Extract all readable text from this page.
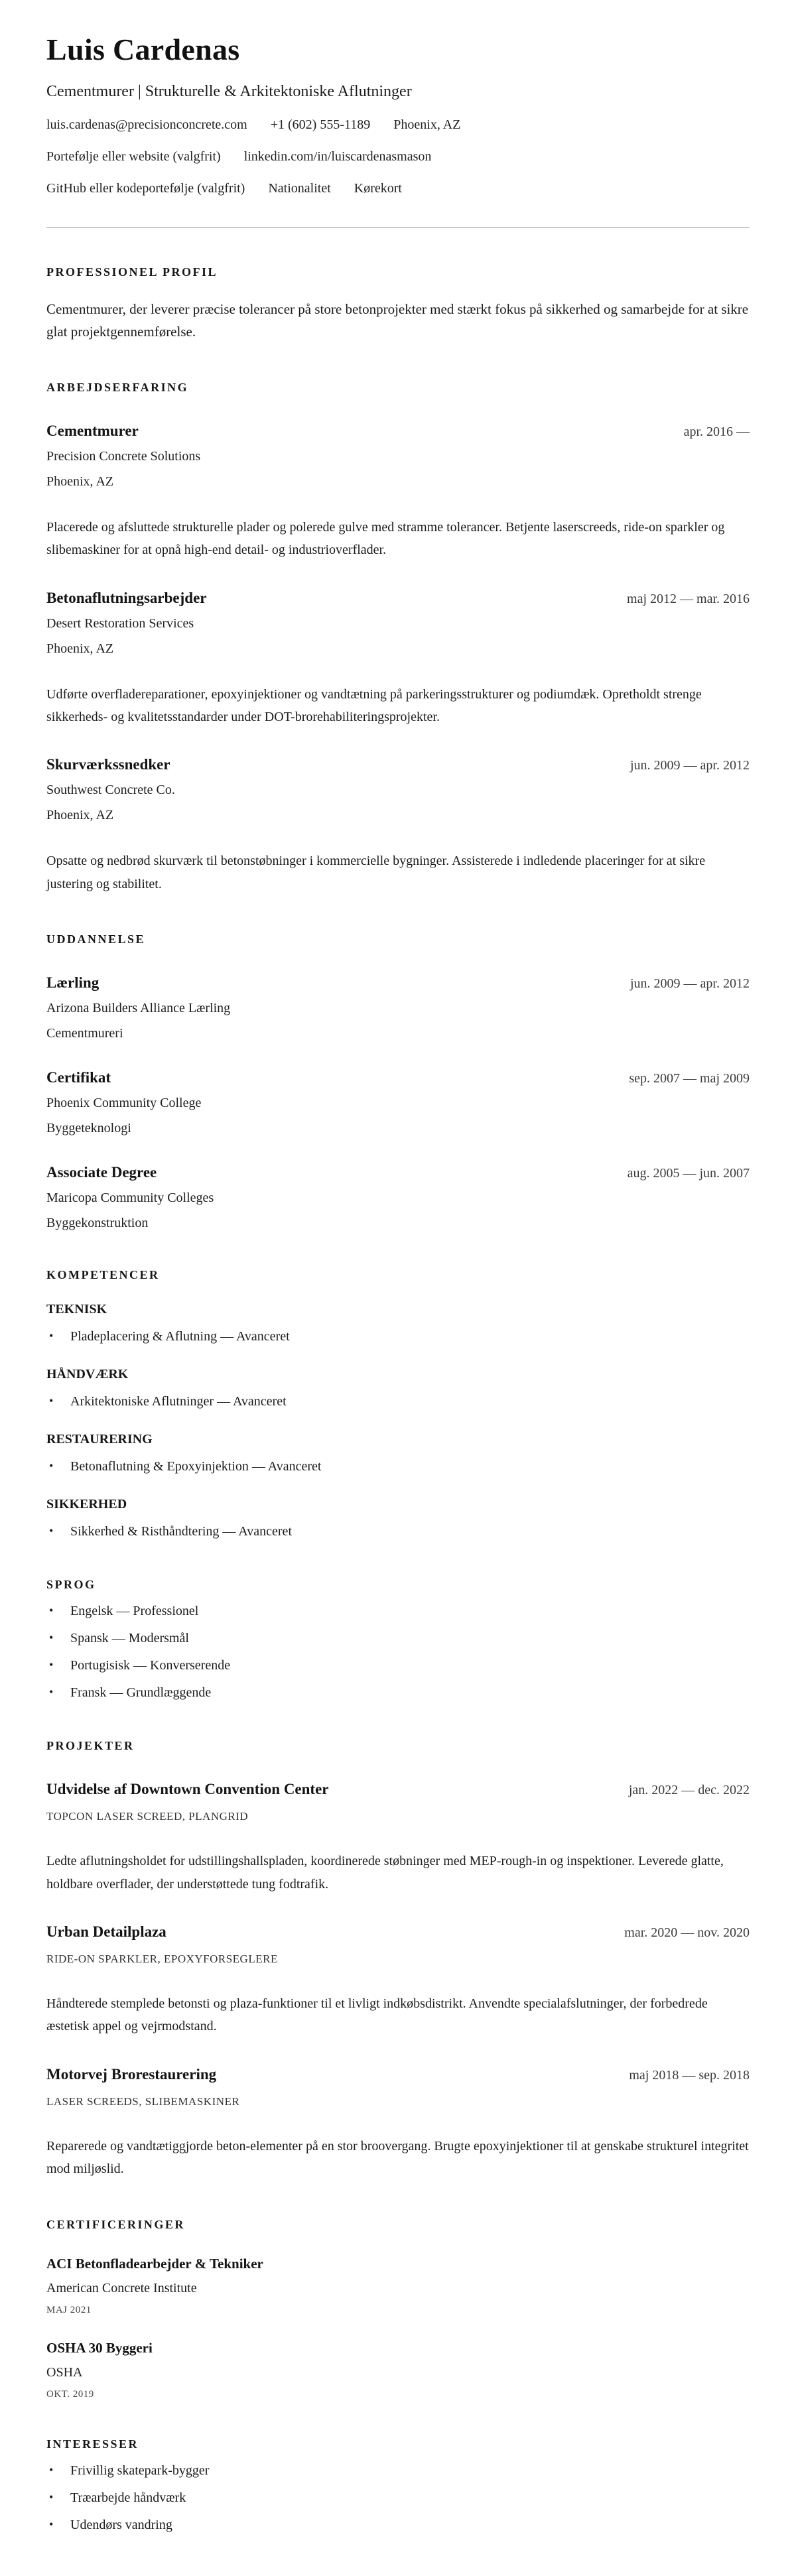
Luis Cardenas
Cementmurer | Strukturelle & Arkitektoniske Aflutninger
luis.cardenas@precisionconcrete.com +1 (602) 555-1189 Phoenix, AZ
Portefølje eller website (valgfrit) linkedin.com/in/luiscardenasmason
GitHub eller kodeportefølje (valgfrit) Nationalitet Kørekort
PROFESSIONEL PROFIL

Cementmurer, der leverer præcise tolerancer på store betonprojekter med stærkt fokus på sikkerhed og samarbejde for at sikre glat projektgennemførelse.

ARBEJDSERFARING
Cementmurer	apr. 2016 —
Precision Concrete Solutions
Phoenix, AZ

Placerede og afsluttede strukturelle plader og polerede gulve med stramme tolerancer. Betjente laserscreeds, ride-on sparkler og slibemaskiner for at opnå high-end detail- og industrioverflader.

Betonaflutningsarbejder	maj 2012 — mar. 2016
Desert Restoration Services
Phoenix, AZ

Udførte overfladereparationer, epoxyinjektioner og vandtætning på parkeringsstrukturer og podiumdæk. Opretholdt strenge sikkerheds- og kvalitetsstandarder under DOT-brorehabiliteringsprojekter.

Skurværkssnedker	jun. 2009 — apr. 2012
Southwest Concrete Co.
Phoenix, AZ

Opsatte og nedbrød skurværk til betonstøbninger i kommercielle bygninger. Assisterede i indledende placeringer for at sikre justering og stabilitet.

UDDANNELSE
Lærling	jun. 2009 — apr. 2012
Arizona Builders Alliance Lærling
Cementmureri
Certifikat	sep. 2007 — maj 2009
Phoenix Community College
Byggeteknologi
Associate Degree	aug. 2005 — jun. 2007
Maricopa Community Colleges
Byggekonstruktion
KOMPETENCER
TEKNISK
• Pladeplacering & Aflutning — Avanceret
HÅNDVÆRK
• Arkitektoniske Aflutninger — Avanceret
RESTAURERING
• Betonaflutning & Epoxyinjektion — Avanceret
SIKKERHED
• Sikkerhed & Risthåndtering — Avanceret
SPROG
• Engelsk — Professionel
• Spansk — Modersmål
• Portugisisk — Konverserende
• Fransk — Grundlæggende
PROJEKTER
Udvidelse af Downtown Convention Center	jan. 2022 — dec. 2022
TOPCON LASER SCREED, PLANGRID

Ledte aflutningsholdet for udstillingshallspladen, koordinerede støbninger med MEP-rough-in og inspektioner. Leverede glatte, holdbare overflader, der understøttede tung fodtrafik.

Urban Detailplaza	mar. 2020 — nov. 2020
RIDE-ON SPARKLER, EPOXYFORSEGLERE

Håndterede stemplede betonsti og plaza-funktioner til et livligt indkøbsdistrikt. Anvendte specialafslutninger, der forbedrede æstetisk appel og vejrmodstand.

Motorvej Brorestaurering	maj 2018 — sep. 2018
LASER SCREEDS, SLIBEMASKINER

Reparerede og vandtætiggjorde beton-elementer på en stor broovergang. Brugte epoxyinjektioner til at genskabe strukturel integritet mod miljøslid.

CERTIFICERINGER
ACI Betonfladearbejder & Tekniker
American Concrete Institute
MAJ 2021
OSHA 30 Byggeri
OSHA
OKT. 2019
INTERESSER
• Frivillig skatepark-bygger
• Træarbejde håndværk
• Udendørs vandring
